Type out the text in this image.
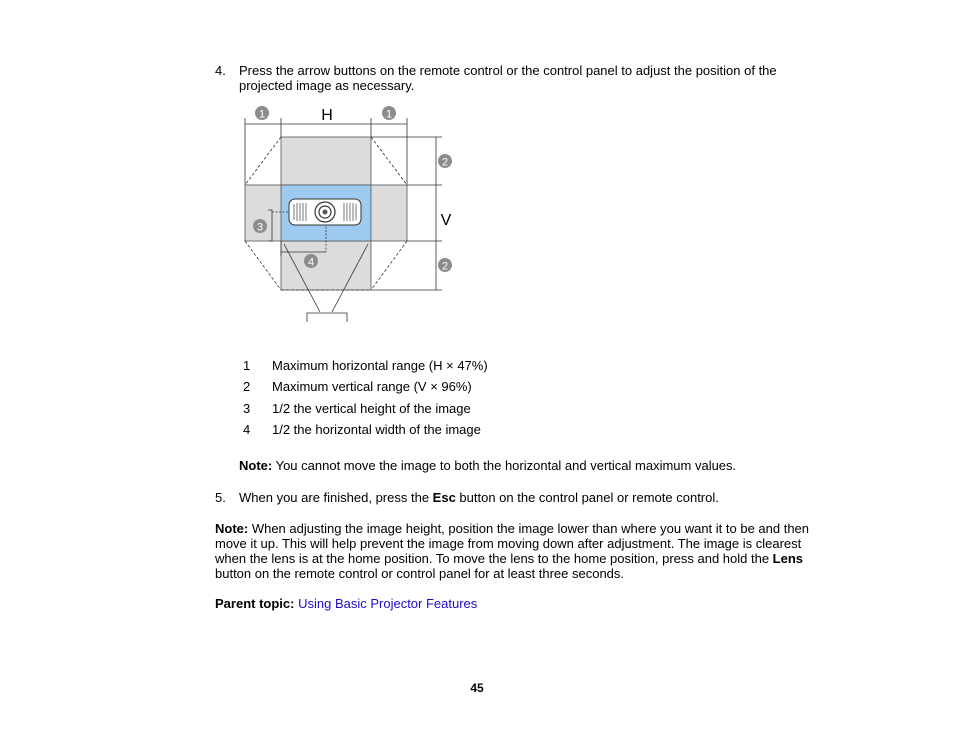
4. Press the arrow buttons on the remote control or the control panel to adjust the position of the
projected image as necessary.
H
V
1	1
2
2
3
4
1 Maximum horizontal range (H × 47%)
2 Maximum vertical range (V × 96%)
3 1/2 the vertical height of the image
4 1/2 the horizontal width of the image
Note: You cannot move the image to both the horizontal and vertical maximum values.
5. When you are finished, press the Esc button on the control panel or remote control.
Note: When adjusting the image height, position the image lower than where you want it to be and then move it up. This will help prevent the image from moving down after adjustment. The image is clearest when the lens is at the home position. To move the lens to the home position, press and hold the Lens button on the remote control or control panel for at least three seconds.
Parent topic: Using Basic Projector Features
45
